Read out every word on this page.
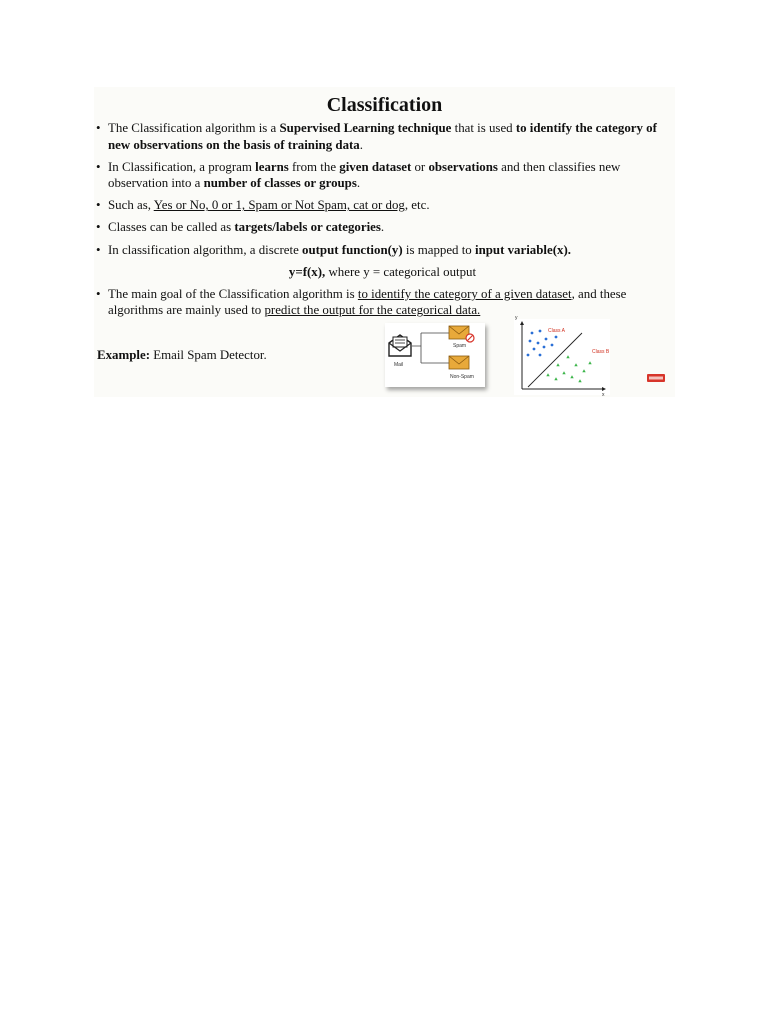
Classification
• The Classification algorithm is a Supervised Learning technique that is used to identify the category of new observations on the basis of training data.
• In Classification, a program learns from the given dataset or observations and then classifies new observation into a number of classes or groups.
• Such as, Yes or No, 0 or 1, Spam or Not Spam, cat or dog, etc.
• Classes can be called as targets/labels or categories.
• In classification algorithm, a discrete output function(y) is mapped to input variable(x).
y=f(x), where y = categorical output
• The main goal of the Classification algorithm is to identify the category of a given dataset, and these algorithms are mainly used to predict the output for the categorical data.
Example: Email Spam Detector.
Mail
Spam
Non-Spam
y
x
Class A
Class B
